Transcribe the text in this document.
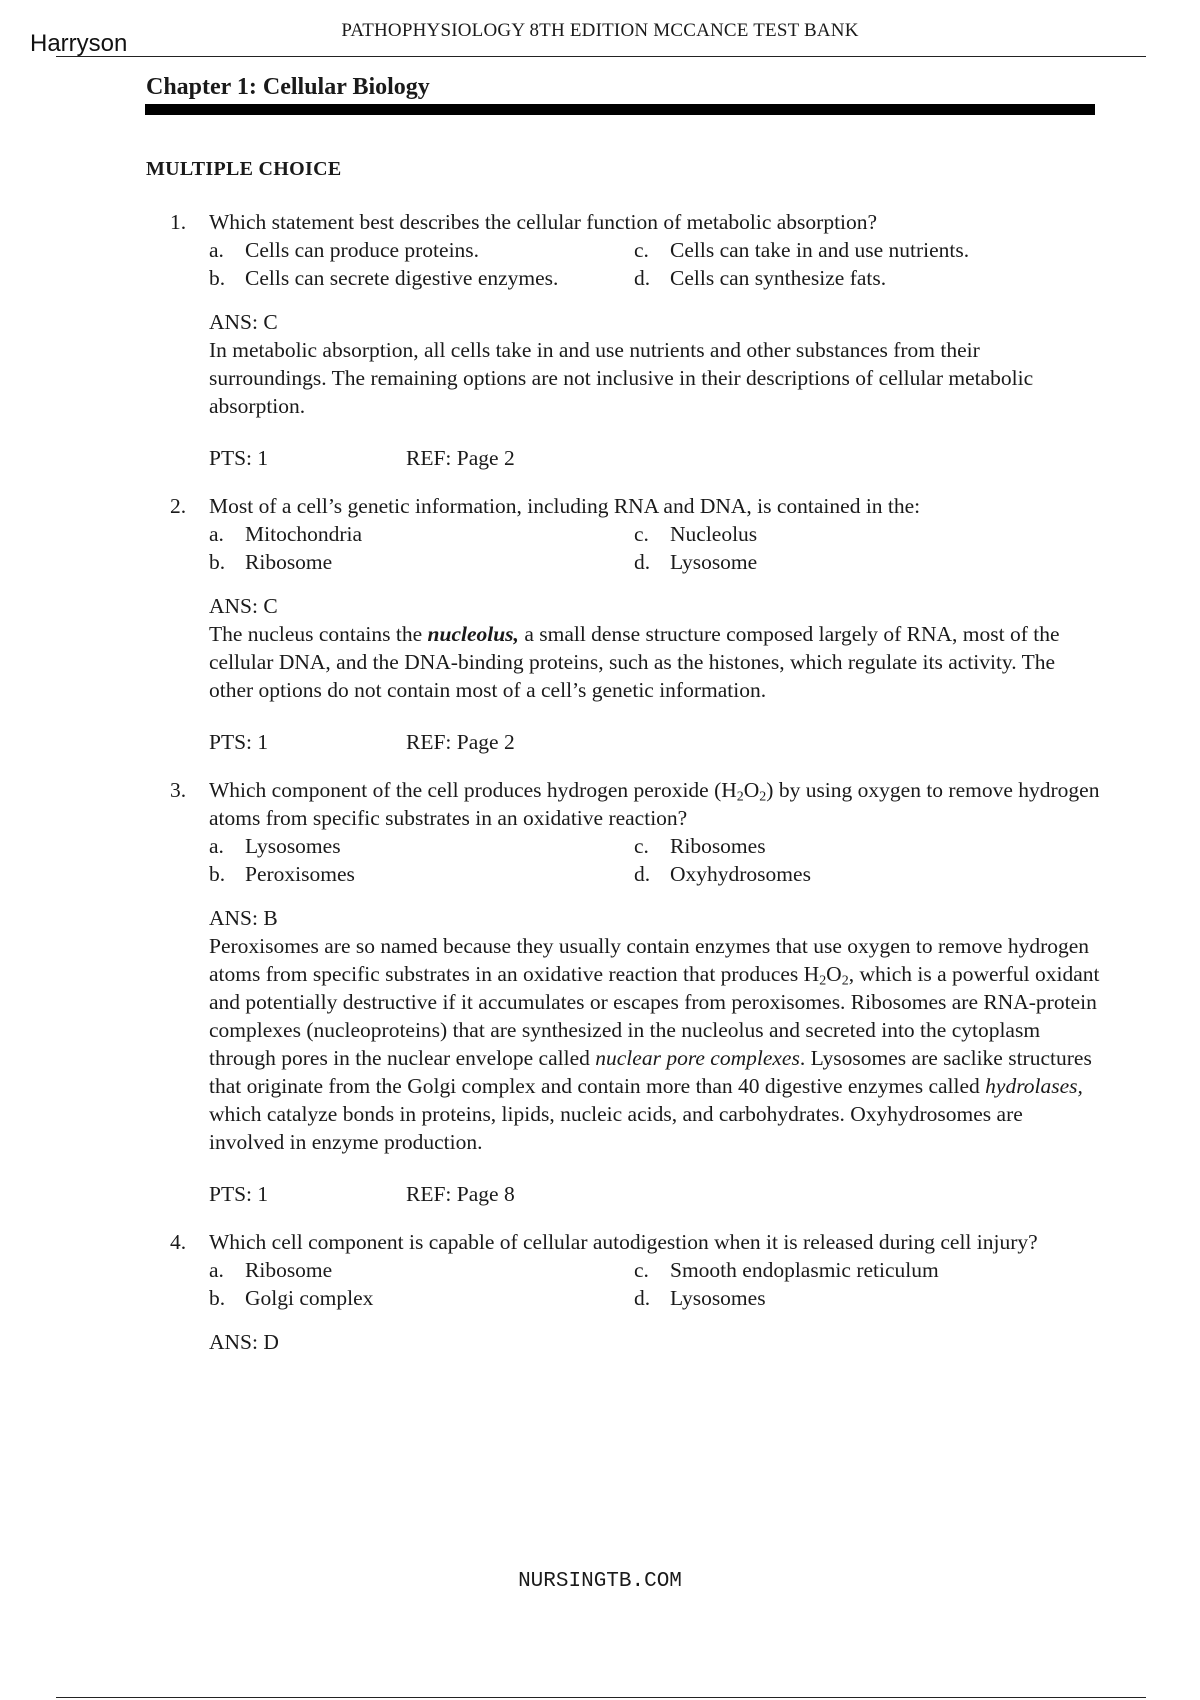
Harryson	PATHOPHYSIOLOGY 8TH EDITION MCCANCE TEST BANK
Chapter 1: Cellular Biology
MULTIPLE CHOICE
1.	Which statement best describes the cellular function of metabolic absorption?
a. Cells can produce proteins.	c. Cells can take in and use nutrients.
b. Cells can secrete digestive enzymes.	d. Cells can synthesize fats.
ANS: C

In metabolic absorption, all cells take in and use nutrients and other substances from their surroundings. The remaining options are not inclusive in their descriptions of cellular metabolic absorption.

PTS: 1	REF: Page 2
2.	Most of a cell’s genetic information, including RNA and DNA, is contained in the:
a. Mitochondria	c. Nucleolus
b. Ribosome	d. Lysosome
ANS: C

The nucleus contains the nucleolus, a small dense structure composed largely of RNA, most of the cellular DNA, and the DNA-binding proteins, such as the histones, which regulate its activity. The other options do not contain most of a cell’s genetic information.

PTS: 1	REF: Page 2
3.	Which component of the cell produces hydrogen peroxide $(H_2O_2)$ by using oxygen to remove hydrogen atoms from specific substrates in an oxidative reaction?
a. Lysosomes	c. Ribosomes
b. Peroxisomes	d. Oxyhydrosomes
ANS: B

Peroxisomes are so named because they usually contain enzymes that use oxygen to remove hydrogen atoms from specific substrates in an oxidative reaction that produces $H_2O_2$, which is a powerful oxidant and potentially destructive if it accumulates or escapes from peroxisomes. Ribosomes are RNA-protein complexes (nucleoproteins) that are synthesized in the nucleolus and secreted into the cytoplasm through pores in the nuclear envelope called nuclear pore complexes. Lysosomes are saclike structures that originate from the Golgi complex and contain more than 40 digestive enzymes called hydrolases, which catalyze bonds in proteins, lipids, nucleic acids, and carbohydrates. Oxyhydrosomes are involved in enzyme production.

PTS: 1	REF: Page 8
4.	Which cell component is capable of cellular autodigestion when it is released during cell injury?
a. Ribosome	c. Smooth endoplasmic reticulum
b. Golgi complex	d. Lysosomes
ANS: D
NURSINGTB.COM
